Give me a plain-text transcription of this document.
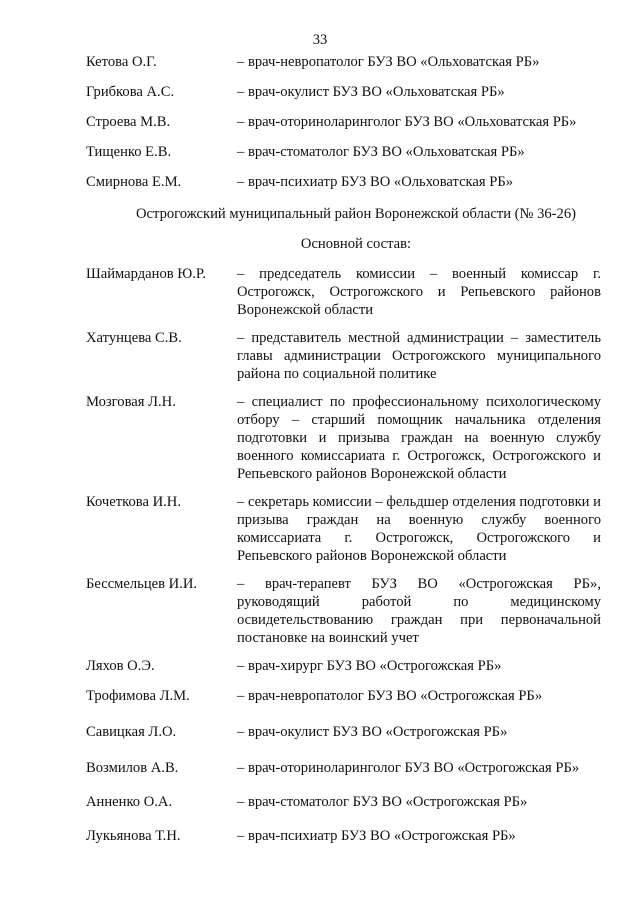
33
Кетова О.Г.	– врач-невропатолог БУЗ ВО «Ольховатская РБ»
Грибкова А.С.	– врач-окулист БУЗ ВО «Ольховатская РБ»
Строева М.В.	– врач-оториноларинголог БУЗ ВО «Ольховатская РБ»
Тищенко Е.В.	– врач-стоматолог БУЗ ВО «Ольховатская РБ»
Смирнова Е.М.	– врач-психиатр БУЗ ВО «Ольховатская РБ»
Острогожский муниципальный район Воронежской области (№ 36-26)
Основной состав:
Шаймарданов Ю.Р. – председатель комиссии – военный комиссар г. Острогожск, Острогожского и Репьевского районов Воронежской области
Хатунцева С.В.	– представитель местной администрации – заместитель главы администрации Острогожского муниципального района по социальной политике
Мозговая Л.Н.	– специалист по профессиональному психологическому отбору – старший помощник начальника отделения подготовки и призыва граждан на военную службу военного комиссариата г. Острогожск, Острогожского и Репьевского районов Воронежской области
Кочеткова И.Н.	– секретарь комиссии – фельдшер отделения подготовки и призыва граждан на военную службу военного комиссариата г. Острогожск, Острогожского и Репьевского районов Воронежской области
Бессмельцев И.И.	– врач-терапевт БУЗ ВО «Острогожская РБ», руководящий работой по медицинскому освидетельствованию граждан при первоначальной постановке на воинский учет
Ляхов О.Э.	– врач-хирург БУЗ ВО «Острогожская РБ»
Трофимова Л.М.	– врач-невропатолог БУЗ ВО «Острогожская РБ»
Савицкая Л.О.	– врач-окулист БУЗ ВО «Острогожская РБ»
Возмилов А.В.	– врач-оториноларинголог БУЗ ВО «Острогожская РБ»
Анненко О.А.	– врач-стоматолог БУЗ ВО «Острогожская РБ»
Лукьянова Т.Н.	– врач-психиатр БУЗ ВО «Острогожская РБ»
